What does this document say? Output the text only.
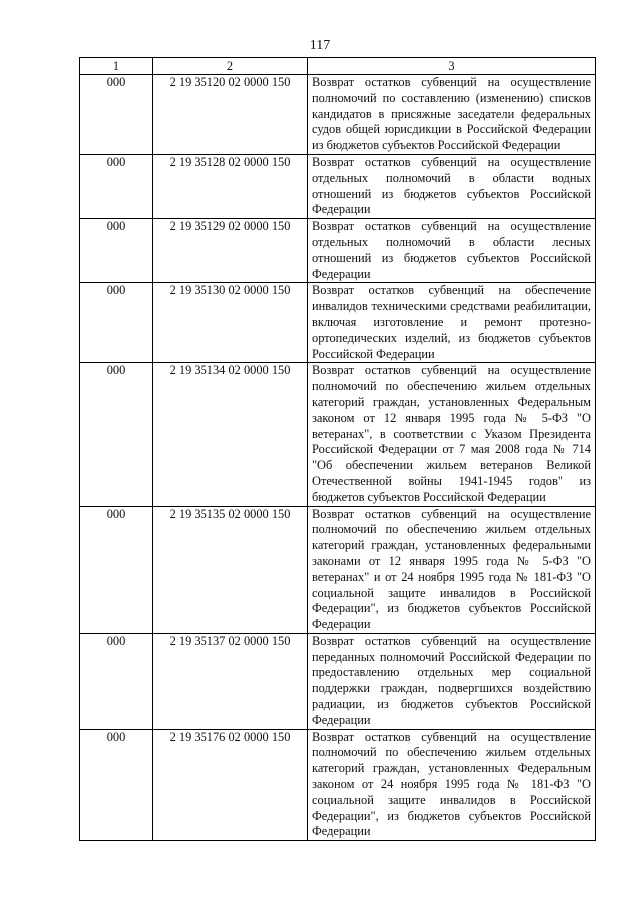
117
1	2	3
000	2 19 35120 02 0000 150	Возврат остатков субвенций на осуществление полномочий по составлению (изменению) списков кандидатов в присяжные заседатели федеральных судов общей юрисдикции в Российской Федерации из бюджетов субъектов Российской Федерации
000	2 19 35128 02 0000 150	Возврат остатков субвенций на осуществление отдельных полномочий в области водных отношений из бюджетов субъектов Российской Федерации
000	2 19 35129 02 0000 150	Возврат остатков субвенций на осуществление отдельных полномочий в области лесных отношений из бюджетов субъектов Российской Федерации
000	2 19 35130 02 0000 150	Возврат остатков субвенций на обеспечение инвалидов техническими средствами реабилитации, включая изготовление и ремонт протезно-ортопедических изделий, из бюджетов субъектов Российской Федерации
000	2 19 35134 02 0000 150	Возврат остатков субвенций на осуществление полномочий по обеспечению жильем отдельных категорий граждан, установленных Федеральным законом от 12 января 1995 года № 5-ФЗ "О ветеранах", в соответствии с Указом Президента Российской Федерации от 7 мая 2008 года № 714 "Об обеспечении жильем ветеранов Великой Отечественной войны 1941-1945 годов" из бюджетов субъектов Российской Федерации
000	2 19 35135 02 0000 150	Возврат остатков субвенций на осуществление полномочий по обеспечению жильем отдельных категорий граждан, установленных федеральными законами от 12 января 1995 года № 5-ФЗ "О ветеранах" и от 24 ноября 1995 года № 181-ФЗ "О социальной защите инвалидов в Российской Федерации", из бюджетов субъектов Российской Федерации
000	2 19 35137 02 0000 150	Возврат остатков субвенций на осуществление переданных полномочий Российской Федерации по предоставлению отдельных мер социальной поддержки граждан, подвергшихся воздействию радиации, из бюджетов субъектов Российской Федерации
000	2 19 35176 02 0000 150	Возврат остатков субвенций на осуществление полномочий по обеспечению жильем отдельных категорий граждан, установленных Федеральным законом от 24 ноября 1995 года № 181-ФЗ "О социальной защите инвалидов в Российской Федерации", из бюджетов субъектов Российской Федерации
